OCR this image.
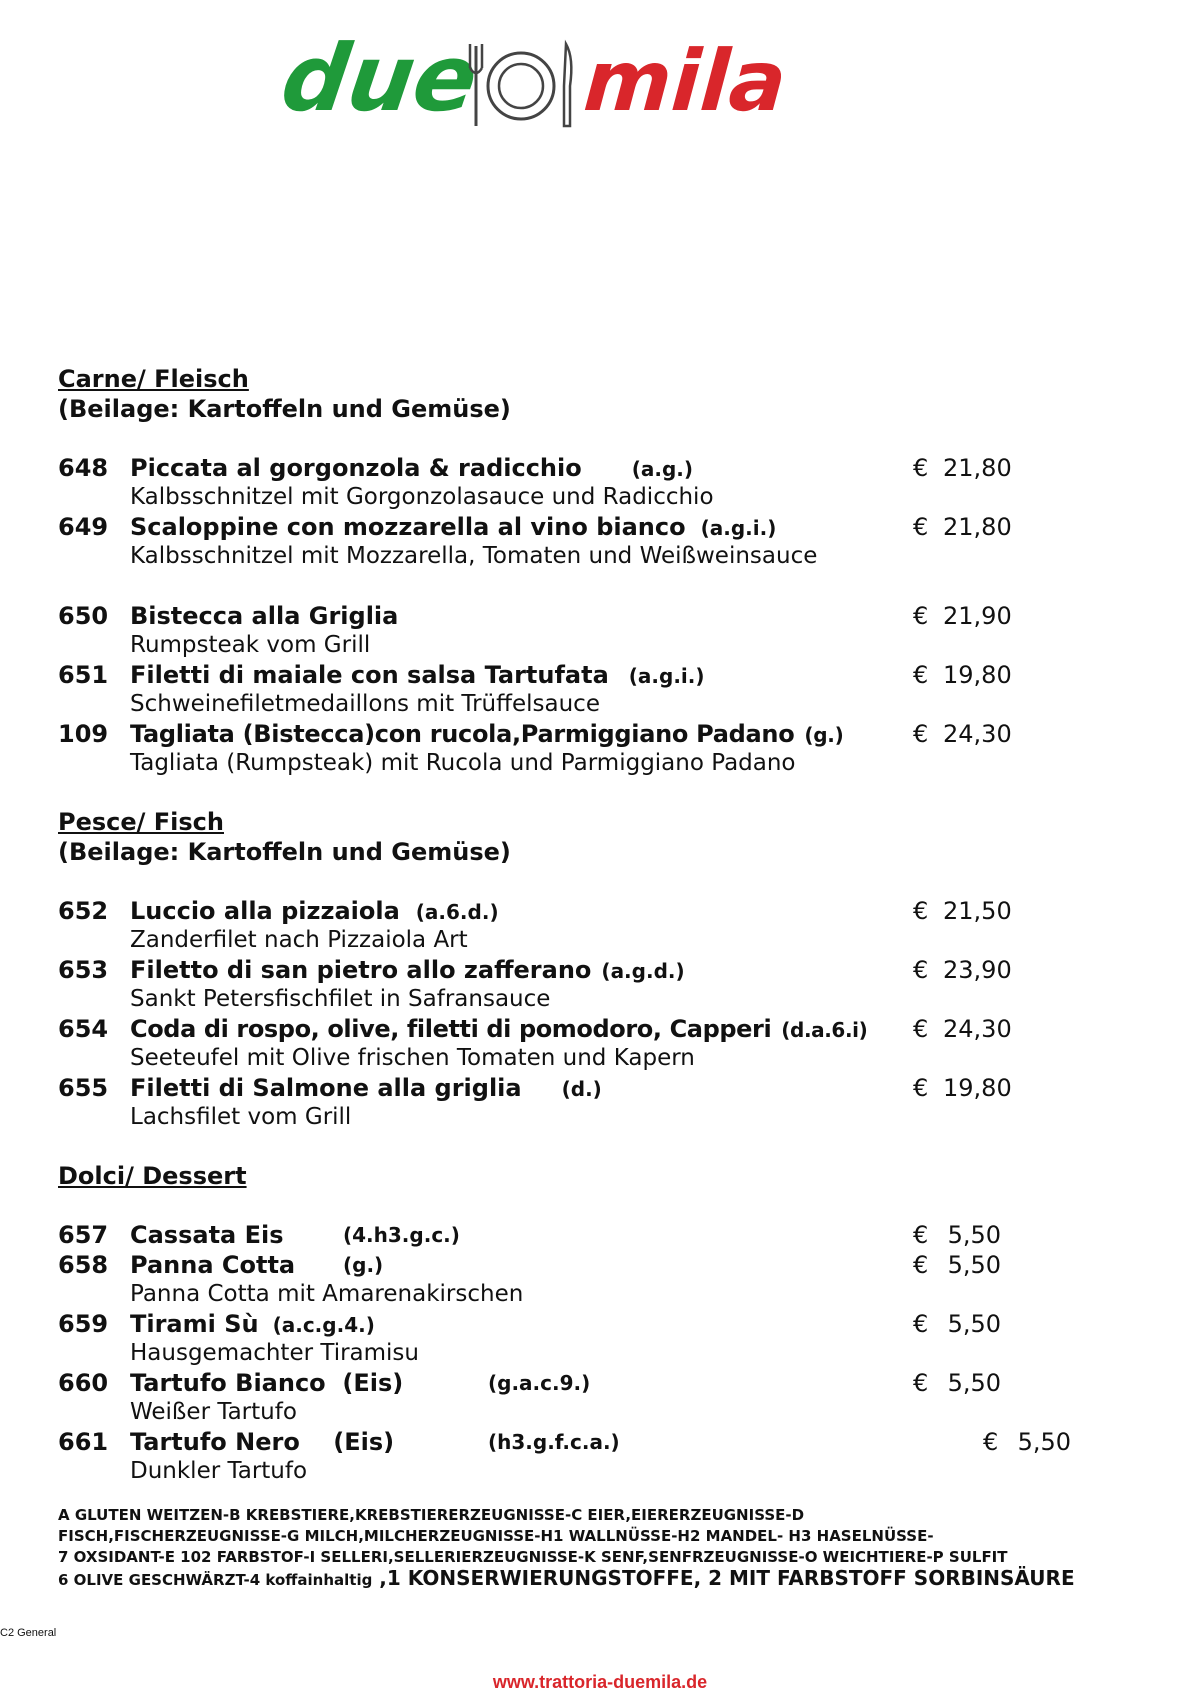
due mila
Carne/ Fleisch
(Beilage: Kartoffeln und Gemüse)
648 Piccata al gorgonzola & radicchio	(a.g.)	€ 21,80
Kalbsschnitzel mit Gorgonzolasauce und Radicchio
649 Scaloppine con mozzarella al vino bianco (a.g.i.)	€ 21,80
Kalbsschnitzel mit Mozzarella, Tomaten und Weißweinsauce
650 Bistecca alla Griglia	€ 21,90
Rumpsteak vom Grill
651 Filetti di maiale con salsa Tartufata (a.g.i.)	€ 19,80
Schweinefiletmedaillons mit Trüffelsauce
109 Tagliata (Bistecca)con rucola,Parmiggiano Padano (g.)	€ 24,30
Tagliata (Rumpsteak) mit Rucola und Parmiggiano Padano
Pesce/ Fisch
(Beilage: Kartoffeln und Gemüse)
652 Luccio alla pizzaiola (a.6.d.)	€ 21,50
Zanderfilet nach Pizzaiola Art
653 Filetto di san pietro allo zafferano (a.g.d.)	€ 23,90
Sankt Petersfischfilet in Safransauce
654 Coda di rospo, olive, filetti di pomodoro, Capperi (d.a.6.i) € 24,30
Seeteufel mit Olive frischen Tomaten und Kapern
655 Filetti di Salmone alla griglia (d.)	€ 19,80
Lachsfilet vom Grill
Dolci/ Dessert
657 Cassata Eis	(4.h3.g.c.)	€ 5,50
658 Panna Cotta (g.)	€ 5,50
Panna Cotta mit Amarenakirschen
659 Tirami Sù (a.c.g.4.)	€ 5,50
Hausgemachter Tiramisu
660 Tartufo Bianco  (Eis)	(g.a.c.9.)	€ 5,50
Weißer Tartufo
661 Tartufo Nero    (Eis)	(h3.g.f.c.a.)	€ 5,50
Dunkler Tartufo
A GLUTEN WEITZEN-B KREBSTIERE,KREBSTIERERZEUGNISSE-C EIER,EIERERZEUGNISSE-D
FISCH,FISCHERZEUGNISSE-G MILCH,MILCHERZEUGNISSE-H1 WALLNÜSSE-H2 MANDEL- H3 HASELNÜSSE-
7 OXSIDANT-E 102 FARBSTOF-I SELLERI,SELLERIERZEUGNISSE-K SENF,SENFRZEUGNISSE-O WEICHTIERE-P SULFIT
6 OLIVE GESCHWÄRZT-4 koffainhaltig ,1 KONSERWIERUNGSTOFFE, 2 MIT FARBSTOFF SORBINSÄURE
C2 General
www.trattoria-duemila.de
